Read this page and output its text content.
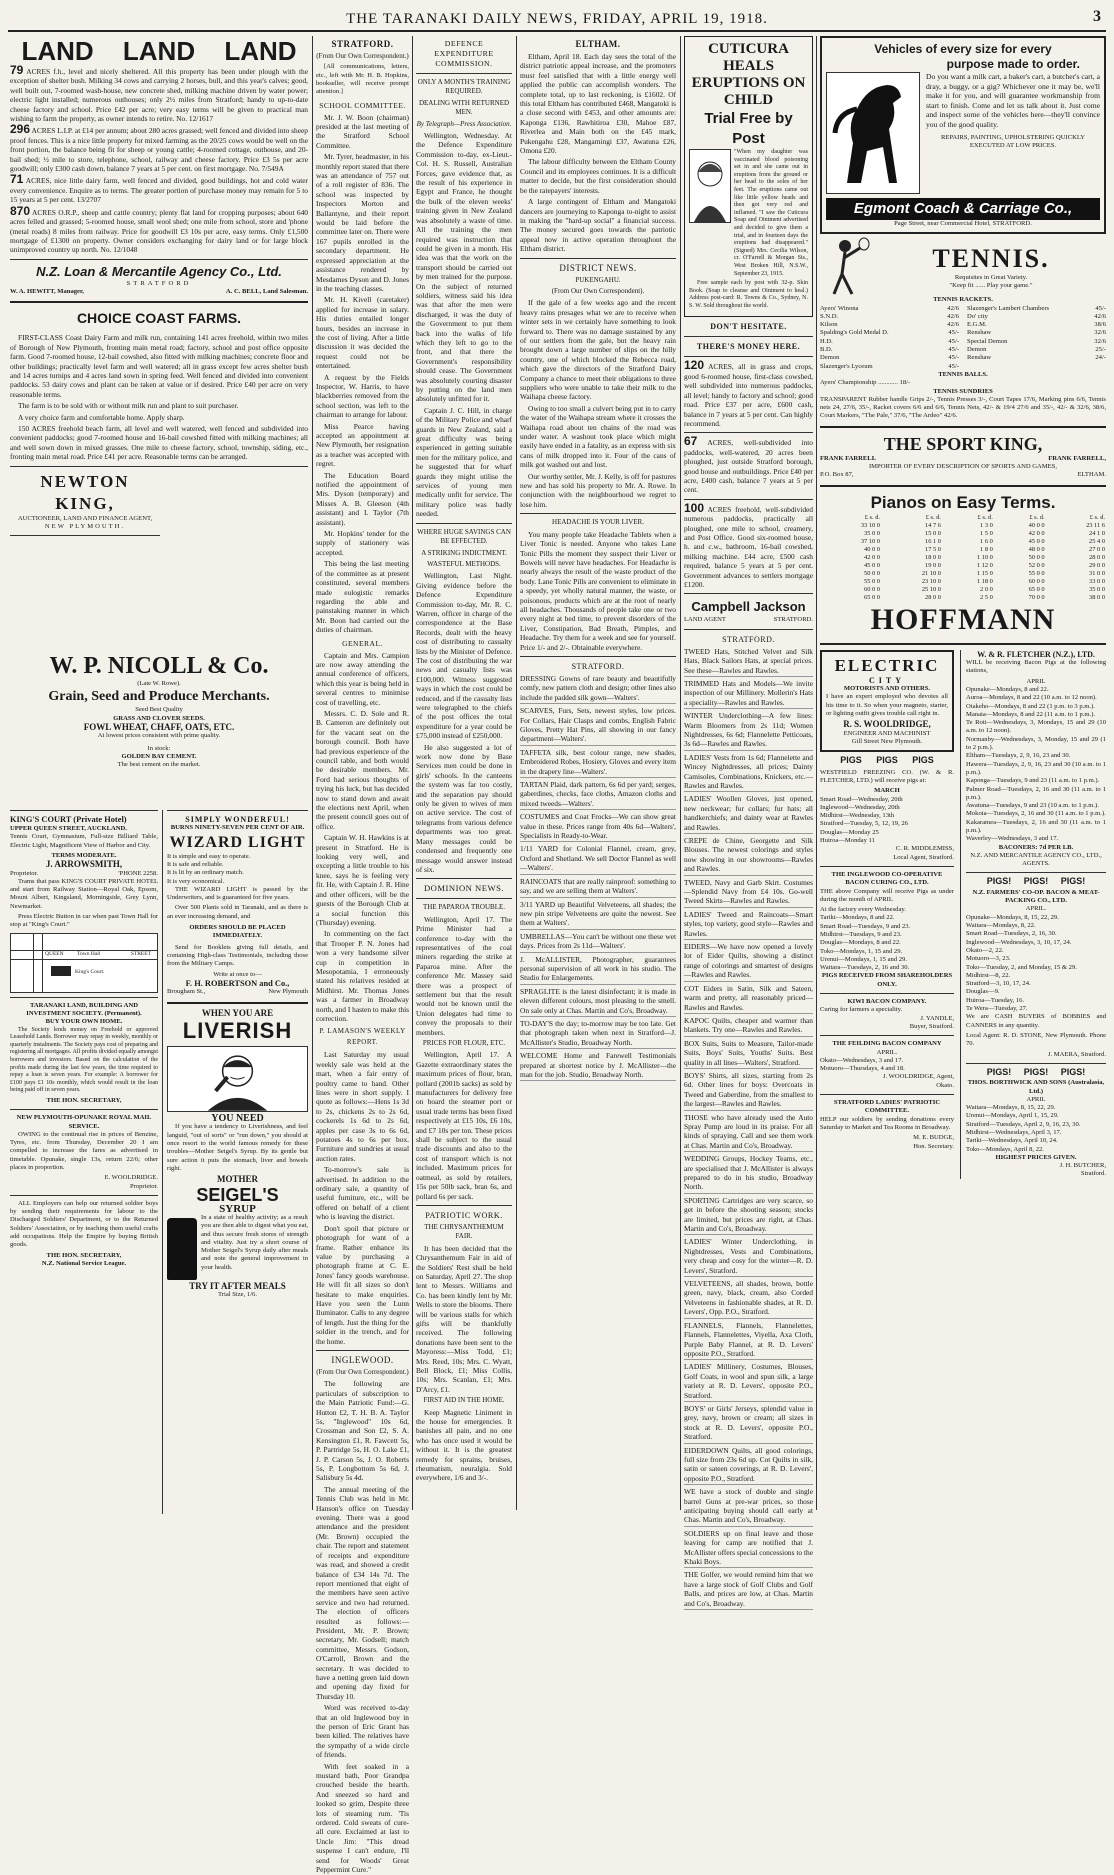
THE TARANAKI DAILY NEWS, FRIDAY, APRIL 19, 1918.	3
LAND LAND LAND

79 ACRES f.h., level and nicely sheltered. All this property has been under plough with the exception of shelter bush. Milking 34 cows and carrying 2 horses, bull, and this year's calves; good, well built out, 7-roomed wash-house, new concrete shed, milking machine driven by water power; electric light installed; numerous outhouses; only 2½ miles from Stratford; handy to up-to-date cheese factory and school. Price £42 per acre; very easy terms will be given to practical man wishing to farm the property, as owner intends to retire. No. 12/1617

296 ACRES L.I.P. at £14 per annum; about 280 acres grassed; well fenced and divided into sheep proof fences. This is a nice little property for mixed farming as the 20/25 cows would be well on the front portion, the balance being fit for sheep or young cattle; 4-roomed cottage, outhouse, and 20-bail shed; ½ mile to store, telephone, school, railway and cheese factory. Price £3 5s per acre goodwill; only £300 cash down, balance 7 years at 5 per cent. on first mortgage. No. 7/549A

71 ACRES, nice little dairy farm, well fenced and divided, good buildings, hot and cold water every convenience. Enquire as to terms. The greater portion of purchase money may remain for 5 to 15 years at 5 per cent. 13/2707

870 ACRES O.R.P., sheep and cattle country; plenty flat land for cropping purposes; about 640 acres felled and grassed; 5-roomed house, small wool shed; one mile from school, store and 'phone (metal roads) 8 miles from railway. Price for goodwill £3 10s per acre, easy terms. Only £1,500 mortgage of £1300 on property. Owner considers exchanging for dairy land or for large block unimproved country up north. No. 12/1048

N.Z. Loan & Mercantile Agency Co., Ltd.
STRATFORD
W. A. HEWITT, Manager,	A. C. BELL, Land Salesman.
CHOICE COAST FARMS.

FIRST-CLASS Coast Dairy Farm and milk run, containing 141 acres freehold, within two miles of Borough of New Plymouth, fronting main metal road; factory, school and post office opposite farm. Good 7-roomed house, 12-bail cowshed, also fitted with milking machines; concrete floor and other buildings; practically level farm and well watered; all in grass except few acres shelter bush and 14 acres turnips and 4 acres land sown in spring feed. Well fenced and divided into convenient paddocks. 53 dairy cows and plant can be taken at value or if desired. Price £40 per acre on very reasonable terms.

The farm is to be sold with or without milk run and plant to suit purchaser.

A very choice farm and comfortable home. Apply sharp.

150 ACRES freehold beach farm, all level and well watered, well fenced and subdivided into convenient paddocks; good 7-roomed house and 16-bail cowshed fitted with milking machines; all and well sown down in mixed grasses. One mile to cheese factory, school, township, siding, etc., fronting main metal road. Price £41 per acre. Reasonable terms can be arranged.

NEWTON KING,
AUCTIONEER, LAND AND FINANCE AGENT,
NEW PLYMOUTH.
W. P. NICOLL & Co.
(Late W. Rowe).
Grain, Seed and Produce Merchants.
Seed Best Quality
GRASS AND CLOVER SEEDS.
FOWL WHEAT, CHAFF, OATS, ETC.
At lowest prices consistent with prime quality.
In stock:
GOLDEN BAY CEMENT.
The best cement on the market.
KING'S COURT (Private Hotel)
UPPER QUEEN STREET, AUCKLAND.

Tennis Court, Gymnasium, Full-size Billiard Table, Electric Light, Magnificent View of Harbor and City.

TERMS MODERATE.
J. ARROWSMITH,
Proprietor.	'PHONE 2258.

Trams that pass KING'S COURT PRIVATE HOTEL and start from Railway Station—Royal Oak, Epsom, Mount Albert, Kingsland, Morningside, Grey Lynn, Newmarket.

Press Electric Button in car when past Town Hall for stop at "King's Court."

QUEEN Town Hall	STREET
King's Court.
TARANAKI LAND, BUILDING AND INVESTMENT SOCIETY. (Permanent).
BUY YOUR OWN HOME.

The Society lends money on Freehold or approved Leasehold Lands. Borrower may repay in weekly, monthly or quarterly instalments. The Society pays cost of preparing and registering all mortgages. All profits divided equally amongst borrowers and investors. Based on the calculation of the profits made during the last few years, the time required to repay a loan is seven years. For example: A borrower for £100 pays £1 10s monthly, which would result in the loan being paid off in seven years.

THE HON. SECRETARY,
NEW PLYMOUTH-OPUNAKE ROYAL MAIL SERVICE.

OWING to the continual rise in prices of Benzine, Tyres, etc. from Thursday, December 20 I am compelled to increase the fares as advertised in timetable. Opunake, single 13s, return 22/6; other places in proportion.

E. WOOLDRIDGE.
Proprietor.

ALL Employers can help our returned soldier boys by sending their requirements for labour to the Discharged Soldiers' Department, or to the Returned Soldiers' Association, or by teaching them useful crafts add occupations. Help the Empire by buying British goods.

THE HON. SECRETARY,
N.Z. National Service League.
SIMPLY WONDERFUL!
BURNS NINETY-SEVEN PER CENT OF AIR.
WIZARD LIGHT
It is simple and easy to operate.
It is safe and reliable.
It is lit by an ordinary match.
It is very economical.

THE WIZARD LIGHT is passed by the Underwriters, and is guaranteed for five years.

Over 500 Plants sold in Taranaki, and as there is an ever increasing demand, and

ORDERS SHOULD BE PLACED IMMEDIATELY.

Send for Booklets giving full details, and containing High-class Testimonials, including those from the Military Camps.

Write at once to—
F. H. ROBERTSON and Co.,
Brougham St.,	New Plymouth
WHEN YOU ARE
LIVERISH
YOU NEED

If you have a tendency to Liverishness, and feel languid, "out of sorts" or "run down," you should at once resort to the world famous remedy for these troubles—Mother Seigel's Syrup. By its gentle but sure action it puts the stomach, liver and bowels right.

MOTHER
SEIGEL'S
SYRUP

In a state of healthy activity; as a result you are then able to digest what you eat, and thus secure fresh stores of strength and vitality. Just try a short course of Mother Seigel's Syrup daily after meals and note the general improvement in your health.

TRY IT AFTER MEALS
Trial Size, 1/6.
STRATFORD.
(From Our Own Correspondent.)

[All communications, letters, etc., left with Mr. H. B. Hopkins, bookseller, will receive prompt attention.]

SCHOOL COMMITTEE.

Mr. J. W. Boon (chairman) presided at the last meeting of the Stratford School Committee.

Mr. Tyrer, headmaster, in his monthly report stated that there was an attendance of 757 out of a roll register of 836. The school was inspected by Inspectors Morton and Ballantyne, and their report would be laid before the committee later on. There were 167 pupils enrolled in the secondary department. He expressed appreciation at the assistance rendered by Mesdames Dyson and D. Jones in the teaching classes.

Mr. H. Kivell (caretaker) applied for increase in salary. His duties entailed longer hours, besides an increase in the cost of living. After a little discussion it was decided the request could not be entertained.

A request by the Fields Inspector, W. Harris, to have blackberries removed from the school section, was left to the chairman to arrange for labour.

Miss Pearce having accepted an appointment at New Plymouth, her resignation as a teacher was accepted with regret.

The Education Board notified the appointment of Mrs. Dyson (temporary) and Misses A. B. Gleeson (4th assistant) and I. Taylor (7th assistant).

Mr. Hopkins' tender for the supply of stationery was accepted.

This being the last meeting of the committee as at present constituted, several members made eulogistic remarks regarding the able and painstaking manner in which Mr. Boon had carried out the duties of chairman.

GENERAL.

Captain and Mrs. Campion are now away attending the annual conference of officers, which this year is being held in several centres to minimise cost of travelling, etc.

Messrs. C. D. Sole and R. B. Cameron are definitely out for the vacant seat on the borough council. Both have had previous experience of the council table, and both would be desirable members. Mr. Ford had serious thoughts of trying his luck, but has decided now to stand down and await the elections next April, when the present council goes out of office.

Captain W. H. Hawkins is at present in Stratford. He is looking very well, and excepting a little trouble to his knee, says he is feeling very fit. He, with Captain J. R. Hine and other officers, will be the guests of the Borough Club at a social function this (Thursday) evening.

In commenting on the fact that Trooper P. N. Jones had won a very handsome silver cup in competition in Mesopotamia, I erroneously stated his relatives resided at Midhirst. Mr. Thomas Jones was a farmer in Broadway north, and I hasten to make this correction.

P. LAMASON'S WEEKLY REPORT.

Last Saturday my usual weekly sale was held at the mart, when a fair entry of poultry came to hand. Other lines were in short supply. I quote as follows:—Hens 1s 3d to 2s, chickens 2s to 2s 6d, cockerels 1s 6d to 2s 6d, apples per case 3s to 6s 6d, potatoes 4s to 6s per box. Furniture and sundries at usual auction rates.

To-morrow's sale is advertised. In addition to the ordinary sale, a quantity of useful furniture, etc., will be offered on behalf of a client who is leaving the district.

Don't spoil that picture or photograph for want of a frame. Rather enhance its value by purchasing a photograph frame at C. E. Jones' fancy goods warehouse. He will fit all sizes so don't hesitate to make enquiries. Have you seen the Lunn Iluminator. Calls to any degree of length. Just the thing for the soldier in the trench, and for the home.

INGLEWOOD.
(From Our Own Correspondent.)

The following are particulars of subscription to the Main Patriotic Fund:—G. Hutton £2, T. H. B. A. Taylor 5s, "Inglewood" 10s 6d, Crossman and Son £2, S. A. Kensington £1, R. Fawcett 5s, P. Partridge 5s, H. O. Lake £1, J. P. Carson 5s, J. O. Roberts 5s, P. Longbottom 5s 6d, J. Salisbury 5s 4d.

The annual meeting of the Tennis Club was held in Mr. Hanson's office on Tuesday evening. There was a good attendance and the president (Mr. Brown) occupied the chair. The report and statement of receipts and expenditure was read, and showed a credit balance of £34 14s 7d. The report mentioned that eight of the members have seen active service and two had returned. The election of officers resulted as follows:—President, Mr. P. Brown; secretary, Mr. Godsell; match committee, Messrs. Godson, O'Carroll, Brown and the secretary. It was decided to have a netting green laid down and opening day fixed for Thursday 10.

Word was received to-day that an old Inglewood boy in the person of Eric Grant has been killed. The relatives have the sympathy of a wide circle of friends.

With feet soaked in a mustard bath, Poor Grandpa crouched beside the hearth. And sneezed so hard and looked so grim, Despite three lots of steaming rum. 'Tis ordered. Cold sweats of cure-all cure. Exclaimed at last to Uncle Jim: "This dread suspense I can't endure, I'll send for Woods' Great Peppermint Cure."

DEFENCE EXPENDITURE COMMISSION.
ONLY A MONTH'S TRAINING REQUIRED.
DEALING WITH RETURNED MEN.
By Telegraph—Press Association.

Wellington, Wednesday. At the Defence Expenditure Commission to-day, ex-Lieut.-Col. H. S. Russell, Australian Forces, gave evidence that, as the result of his experience in Egypt and France, he thought the bulk of the eleven weeks' training given in New Zealand was absolutely a waste of time. All the training the men required was instruction that could be given in a month. His idea was that the work on the transport should be carried out by men trained for the purpose. On the subject of returned soldiers, witness said his idea was that after the men were discharged, it was the duty of the Government to put them back into the walks of life which they left to go to the front, and that there the Government's responsibility should cease. The Government was absolutely courting disaster by putting on the land men absolutely unfitted for it.

Captain J. C. Hill, in charge of the Military Police and wharf guards in New Zealand, said a great difficulty was being experienced in getting suitable men for the military police, and he suggested that for wharf guards they might utilise the services of young men medically unfit for service. The military police was badly needed.

WHERE HUGE SAVINGS CAN BE EFFECTED.
A STRIKING INDICTMENT.
WASTEFUL METHODS.

Wellington, Last Night. Giving evidence before the Defence Expenditure Commission to-day, Mr. R. C. Warren, officer in charge of the correspondence at the Base Records, dealt with the heavy cost of distributing to casualty lists by the Minister of Defence. The cost of distributing the war news and casualty lists was £100,000. Witness suggested ways in which the cost could be reduced, and if the casualty lists were telegraphed to the chiefs of the post offices the total expenditure for a year could be £75,000 instead of £250,000.

He also suggested a lot of work now done by Base Services men could be done in girls' schools. In the canteens the system was far too costly, and the separation pay should only be given to wives of men on active service. The cost of telegrams from various defence departments was too great. Many messages could be condensed and frequently one message would answer instead of six.

DOMINION NEWS.
THE PAPAROA TROUBLE.

Wellington, April 17. The Prime Minister had a conference to-day with the representatives of the coal miners regarding the strike at Paparoa mine. After the conference Mr. Massey said there was a prospect of settlement but that the result would not be known until the Union delegates had time to convey the proposals to their members.

PRICES FOR FLOUR, ETC.

Wellington, April 17. A Gazette extraordinary states the maximum prices of flour, bran, pollard (2001b sacks) as sold by manufacturers for delivery free on board the steamer port or usual trade terms has been fixed respectively at £15 10s, £6 10s, and £7 10s per ton. These prices shall be subject to the usual trade discounts and also to the cost of transport which is not included. Maximum prices for oatmeal, as sold by retailers, 15s per 50lb sack, bran 6s, and pollard 6s per sack.

PATRIOTIC WORK.
THE CHRYSANTHEMUM FAIR.

It has been decided that the Chrysanthemum Fair in aid of the Soldiers' Rest shall be held on Saturday, April 27. The shop lent to Messrs. Williams and Co. has been kindly lent by Mr. Wells to store the blooms. There will be various stalls for which gifts will be thankfully received. The following donations have been sent to the Mayoress:—Miss Todd, £1; Mrs. Reed, 10s; Mrs. C. Wyatt, Bell Block, £1; Miss Collis, 10s; Mrs. Scanlan, £1; Mrs. D'Arcy, £1.

FIRST AID IN THE HOME.

Keep Magnetic Liniment in the house for emergencies. It banishes all pain, and no one who has once used it would be without it. It is the greatest remedy for sprains, bruises, rheumatism, neuralgia. Sold everywhere, 1/6 and 3/-.

ELTHAM.

Eltham, April 18. Each day sees the total of the district patriotic appeal increase, and the promoters must feel satisfied that with a little energy well applied the public can accomplish wonders. The complete total, up to last reckoning, is £1602. Of this total Eltham has contributed £468, Mangatoki is a close second with £453, and other amounts are: Kaponga £136, Rawhitiroa £30, Mahoe £87, Riverlea and Main both on the £45 mark, Pukengahu £28, Mangamingi £37, Awatuna £26, Omona £20.

The labour difficulty between the Eltham County Council and its employees continues. It is a difficult matter to decide, but the first consideration should be the ratepayers' interests.

A large contingent of Eltham and Mangatoki dancers are journeying to Kaponga to-night to assist in making the "hard-up social" a financial success. The money secured goes towards the patriotic appeal now in active operation throughout the Eltham district.

DISTRICT NEWS.
PUKENGAHU.
(From Our Own Correspondent).

If the gale of a few weeks ago and the recent heavy rains presages what we are to receive when winter sets in we certainly have something to look forward to. There was no damage sustained by any of our settlers from the gale, but the heavy rain brought down a large number of slips on the hilly country, one of which blocked the Rebecca road, which gave the directors of the Stratford Dairy Company a chance to meet their obligations to three suppliers who were unable to take their milk to the Waihapa cheese factory.

Owing to too small a culvert being put in to carry the water of the Waihapa stream where it crosses the Waihapa road about ten chains of the road was under water. A washout took place which might easily have ended in a fatality, as an express with six cans of milk dropped into it. Four of the cans of milk got washed out and lost.

Our worthy settler, Mr. J. Kelly, is off for pastures new and has sold his property to Mr. A. Rowe. In conjunction with the neighbourhood we regret to lose him.

HEADACHE IS YOUR LIVER.

You many people take Headache Tablets when a Liver Tonic is needed. Anyone who takes Lane Tonic Pills the moment they suspect their Liver or Bowels will never have headaches. For Headache is nearly always the result of the waste product of the body. Lane Tonic Pills are convenient to eliminate in a speedy, yet wholly natural manner, the waste, or poisonous, products which are at the root of nearly all headaches. Thousands of people take one or two every night at bed time, to prevent disorders of the Liver, Constipation, Bad Breath, Pimples, and Headache. Try them for a week and see for yourself. Price 1/- and 2/-. Obtainable everywhere.

STRATFORD.

DRESSING Gowns of rare beauty and beautifully comfy, new pattern cloth and design; other lines also include the padded silk gown—Walters'.

SCARVES, Furs, Sets, newest styles, low prices. For Collars, Hair Clasps and combs, English Fabric Gloves, Pretty Hat Pins, all showing in our fancy department—Walters'.

TAFFETA silk, best colour range, new shades, Embroidered Robes, Hosiery, Gloves and every item in the drapery line—Walters'.

TARTAN Plaid, dark pattern, 6s 6d per yard; serges, gaberdines, checks, face cloths, Amazon cloths and mixed tweeds—Walters'.

COSTUMES and Coat Frocks—We can show great value in these. Prices range from 40s 6d—Walters', Specialists in Ready-to-Wear.

1/11 YARD for Colonial Flannel, cream, grey, Oxford and Shetland. We sell Doctor Flannel as well—Walters'.

RAINCOATS that are really rainproof: something to say, and we are selling them at Walters'.

3/11 YARD up Beautiful Velveteens, all shades; the new pin stripe Velveteens are quite the newest. See them at Walters'.

UMBRELLAS—You can't be without one these wet days. Prices from 2s 11d—Walters'.

J. McALLISTER, Photographer, guarantees personal supervision of all work in his studio. The Studio for Enlargements.

SPRAGLITE is the latest disinfectant; it is made in eleven different colours, most pleasing to the smell. On sale only at Chas. Martin and Co's, Broadway.

TO-DAY'S the day; to-morrow may be too late. Get that photograph taken when next in Stratford—J. McAllister's Studio, Broadway North.

WELCOME Home and Farewell Testimonials prepared at shortest notice by J. McAllister—the man for the job. Studio, Broadway North.

CUTICURA HEALS ERUPTIONS ON CHILD
Trial Free by Post

"When my daughter was vaccinated blood poisoning set in and she came out in eruptions from the ground or her head to the soles of her feet. The eruptions came out like little yellow heads and then got very red and inflamed. "I saw the Cuticura Soap and Ointment advertised and decided to give them a trial, and in fourteen days the eruptions had disappeared." (Signed) Mrs. Cecilia Wilson, cr. O'Farrell & Morgan Sts., West Broken Hill, N.S.W., September 23, 1915.

Free sample each by post with 32-p. Skin Book. (Soap to cleanse and Ointment to heal.) Address post-card: R. Towns & Co., Sydney, N. S. W. Sold throughout the world.

DON'T HESITATE.
THERE'S MONEY HERE.

120 ACRES, all in grass and crops, good 6-roomed house, first-class cowshed, well subdivided into numerous paddocks, all level; handy to factory and school; good road. Price £37 per acre, £600 cash, balance in 7 years at 5 per cent. Can highly recommend.

67 ACRES, well-subdivided into paddocks, well-watered, 20 acres been ploughed, just outside Stratford borough, good house and outbuildings. Price £40 per acre, £400 cash, balance 7 years at 5 per cent.

100 ACRES freehold, well-subdivided numerous paddocks, practically all ploughed, one mile to school, creamery, and Post Office. Good six-roomed house, h. and c.w., bathroom, 16-bail cowshed, milking machine. £44 acre, £500 cash required, balance 5 years at 5 per cent. Government advances to settlers mortgage £1200.

Campbell Jackson
LAND AGENT	STRATFORD.
STRATFORD.

TWEED Hats, Stitched Velvet and Silk Hats, Black Sailors Hats, at special prices. See these—Rawles and Rawles.

TRIMMED Hats and Models—We invite inspection of our Millinery. Mollerin's Hats a speciality—Rawles and Rawles.

WINTER Underclothing—A few lines: Warm Bloomers from 2s 11d; Women Nightdresses, 6s 6d; Flannelette Petticoats, 3s 6d—Rawles and Rawles.

LADIES' Vests from 1s 6d; Flannelette and Wincey Nightdresses, all prices; Dainty Camisoles, Combinations, Knickers, etc.—Rawles and Rawles.

LADIES' Woollen Gloves, just opened, new neckwear; fur collars; fur hats; all handkerchiefs; and dainty wear at Rawles and Rawles.

CREPE de Chine, Georgette and Silk Blouses. The newest colorings and styles now showing in our showrooms—Rawles and Rawles.

TWEED, Navy and Garb Skirt. Costumes—Splendid Navy from £4 10s. Go-well Tweed Skirts—Rawles and Rawles.

LADIES' Tweed and Raincoats—Smart styles, top variety, good style—Rawles and Rawles.

EIDERS—We have now opened a lovely lot of Eider Quilts, showing a distinct range of colorings and smartest of designs—Rawles and Rawles.

COT Eiders in Satin, Silk and Sateen, warm and pretty, all reasonably priced—Rawles and Rawles.

KAPOC Quilts, cheaper and warmer than blankets. Try one—Rawles and Rawles.

BOX Suits, Suits to Measure, Tailor-made Suits, Boys' Suits, Youths' Suits. Best quality in all lines—Walters', Stratford.

BOYS' Shirts, all sizes, starting from 2s 6d. Other lines for boys: Overcoats in Tweed and Gaberdine, from the smallest to the largest—Rawles and Rawles.

THOSE who have already used the Auto Spray Pump are loud in its praise. For all kinds of spraying. Call and see them work at Chas. Martin and Co's, Broadway.

WEDDING Groups, Hockey Teams, etc., are specialised that J. McAllister is always prepared to do in his studio, Broadway North.

SPORTING Cartridges are very scarce, so get in before the shooting season; stocks are limited, but prices are right, at Chas. Martin and Co's, Broadway.

LADIES' Winter Underclothing, in Nightdresses, Vests and Combinations, very cheap and cosy for the winter—R. D. Levers', Stratford.

VELVETEENS, all shades, brown, bottle green, navy, black, cream, also Corded Velveteens in fashionable shades, at R. D. Levers', Opp. P.O., Stratford.

FLANNELS, Flannels, Flannelettes, Flannels, Flannelettes, Viyella, Axa Cloth, Purple Baby Flannel, at R. D. Levers' opposite P.O., Stratford.

LADIES' Millinery, Costumes, Blouses, Golf Coats, in wool and spun silk, a large variety at R. D. Levers', opposite P.O., Stratford.

BOYS' or Girls' Jerseys, splendid value in grey, navy, brown or cream; all sizes in stock at R. D. Levers', opposite P.O., Stratford.

EIDERDOWN Quilts, all good colorings, full size from 23s 6d up. Cot Quilts in silk, satin or sateen coverings, at R. D. Levers', opposite P.O., Stratford.

WE have a stock of double and single barrel Guns at pre-war prices, so those anticipating buying should call early at Chas. Martin and Co's, Broadway.

SOLDIERS up on final leave and those leaving for camp are notified that J. McAllister offers special concessions to the Khaki Boys.

THE Golfer, we would remind him that we have a large stock of Golf Clubs and Golf Balls, and prices are low, at Chas. Martin and Co's, Broadway.

Vehicles of every size for every
purpose made to order.

Do you want a milk cart, a baker's cart, a butcher's cart, a dray, a buggy, or a gig? Whichever one it may be, we'll make it for you, and will guarantee workmanship from start to finish. Come and let us talk about it. Just come and inspect some of the vehicles here—they'll convince you of the good quality.

REPAIRS, PAINTING, UPHOLSTERING QUICKLY EXECUTED AT LOW PRICES.
Egmont Coach & Carriage Co.,
Page Street, near Commercial Hotel, STRATFORD.
TENNIS.
Requisites in Great Variety.
"Keep fit ...... Play your game."
TENNIS RACKETS.
Ayers' Winona	42/6
S.N.D.	42/6
Kilson	42/6
Spalding's Gold Medal D.	45/-
H.D.	45/-
B.D.	45/-
Demon	45/-
Slazenger's Lyceum	45/-
Slazenger's Lambert Chambers	45/-
Do' city	42/6
E.G.M.	38/6
Renshaw	32/6
Special Demon	32/6
Demon	25/-
Renshaw	24/-
TENNIS BALLS.
Ayers' Championship ............ 18/-
TENNIS SUNDRIES

TRANSPARENT Rubber handle Grips 2/-, Tennis Presses 3/-, Court Tapes 17/6, Marking pins 6/6, Tennis nets 24, 27/6, 35/-, Racket covers 6/6 and 6/6, Tennis Nets, 42/- & 19/4 27/6 and 35/-, 42/- & 32/6, 38/6, Court Markers, "The Pale," 37/6, "The Ardeo" 42/6.

THE SPORT KING,
FRANK FARRELL	FRANK FARRELL,
IMPORTER OF EVERY DESCRIPTION OF SPORTS AND GAMES,
P.O. Box 87,	ELTHAM.
Pianos on Easy Terms.
£ s. d.	£ s. d.	£ s. d.	£ s. d.	£ s. d.
33 10 0	14 7 6	1 3 0	40 0 0	23 11 6
35 0 0	15 0 0	1 5 0	42 0 0	24 1 0
37 10 0	16 1 0	1 6 0	45 0 0	25 4 0
40 0 0	17 5 0	1 8 0	48 0 0	27 0 0
42 0 0	18 0 0	1 10 0	50 0 0	28 0 0
45 0 0	19 0 0	1 12 0	52 0 0	29 0 0
50 0 0	21 10 0	1 15 0	55 0 0	31 0 0
55 0 0	23 10 0	1 18 0	60 0 0	33 0 0
60 0 0	25 10 0	2 0 0	65 0 0	35 0 0
65 0 0	28 0 0	2 5 0	70 0 0	38 0 0
HOFFMANN
ELECTRIC
CITY
MOTORISTS AND OTHERS.

I have an expert employed who devotes all his time to it. So when your magneto, starter, or lighting outfit gives trouble call right in.

R. S. WOOLDRIDGE,
ENGINEER AND MACHINIST
Gill Street New Plymouth.
PIGS PIGS PIGS

WESTFIELD FREEZING CO. (W. & R. FLETCHER, LTD.) will receive pigs at:

MARCH
Smart Road—Wednesday, 20th
Inglewood—Wednesday, 20th
Midhirst—Wednesday, 13th
Stratford—Tuesday, 5, 12, 19, 26
Douglas—Monday 25
Huiroa—Monday 11
C. R. MIDDLEMISS,
Local Agent, Stratford.
THE INGLEWOOD CO-OPERATIVE BACON CURING CO., LTD.

THE above Company will receive Pigs as under during the month of APRIL

At the factory every Wednesday.
Tariki—Mondays, 8 and 22.
Smart Road—Tuesdays, 9 and 23.
Midhirst—Tuesdays, 9 and 23.
Douglas—Mondays, 8 and 22.
Toko—Mondays, 1, 15 and 29.
Urenui—Mondays, 1, 15 and 29.
Waitara—Tuesdays, 2, 16 and 30.
PIGS RECEIVED FROM SHAREHOLDERS ONLY.
KIWI BACON COMPANY.
Curing for farmers a speciality.
J. YANDLE,
Buyer, Stratford.
THE FEILDING BACON COMPANY
APRIL.
Okato—Wednesdays, 3 and 17.
Motuoro—Thursdays, 4 and 18.
J. WOOLDRIDGE, Agent,
Okato.
STRATFORD LADIES' PATRIOTIC COMMITTEE.

HELP our soldiers by sending donations every Saturday to Market and Tea Rooms in Broadway.

M. E. BUDGE,
Hon. Secretary.
W. & R. FLETCHER (N.Z.), LTD.

WILL be receiving Bacon Pigs at the following stations,

APRIL
Opunake—Mondays, 8 and 22.
Auroa—Mondays, 8 and 22 (10 a.m. to 12 noon).
Otakeho—Mondays, 8 and 22 (1 p.m. to 3 p.m.).
Manaia—Mondays, 8 and 22 (11 a.m. to 1 p.m.).
Te Roti—Wednesdays, 3, Mondays, 15 and 29 (10 a.m. to 12 noon).
Normanby—Wednesdays, 3, Monday, 15 and 29 (1 to 2 p.m.).
Eltham—Tuesdays, 2, 9, 16, 23 and 30.
Hawera—Tuesdays, 2, 9, 16, 23 and 30 (10 a.m. to 1 p.m.).
Kaponga—Tuesdays, 9 and 23 (11 a.m. to 1 p.m.).
Palmer Road—Tuesdays, 2, 16 and 30 (11 a.m. to 1 p.m.).
Awatuna—Tuesdays, 9 and 23 (10 a.m. to 1 p.m.).
Mokoia—Tuesdays, 2, 16 and 30 (11 a.m. to 1 p.m.).
Kakaramea—Tuesdays, 2, 16 and 30 (11 a.m. to 1 p.m.).
Waverley—Wednesdays, 3 and 17.
BACONERS: 7d PER LB.
N.Z. AND MERCANTILE AGENCY CO., LTD., AGENTS.
PIGS! PIGS! PIGS!
N.Z. FARMERS' CO-OP. BACON & MEAT-PACKING CO., LTD.
APRIL.
Opunake—Mondays, 8, 15, 22, 29.
Waitara—Mondays, 8, 22.
Smart Road—Tuesdays, 2, 16, 30.
Inglewood—Wednesdays, 3, 10, 17, 24.
Okato—2, 22.
Motuoro—3, 23.
Toko—Tuesday, 2, and Monday, 15 & 29.
Midhirst—8, 22.
Stratford—3, 10, 17, 24.
Douglas—9.
Huiroa—Tuesday, 16.
Te Wera—Tuesday, 27.

We are CASH BUYERS of BOBBIES and CANNERS in any quantity.

Local Agent: R. D. STONE, New Plymouth. Phone 70.

J. MAERA, Stratford.
PIGS! PIGS! PIGS!
THOS. BORTHWICK AND SONS (Australasia, Ltd.)
APRIL
Waitara—Mondays, 8, 15, 22, 29.
Urenui—Mondays, April 1, 15, 29.
Stratford—Tuesdays, April 2, 9, 16, 23, 30.
Midhirst—Wednesdays, April 3, 17.
Tariki—Wednesdays, April 10, 24.
Toko—Mondays, April 8, 22.
HIGHEST PRICES GIVEN.
J. H. BUTCHER,
Stratford.
